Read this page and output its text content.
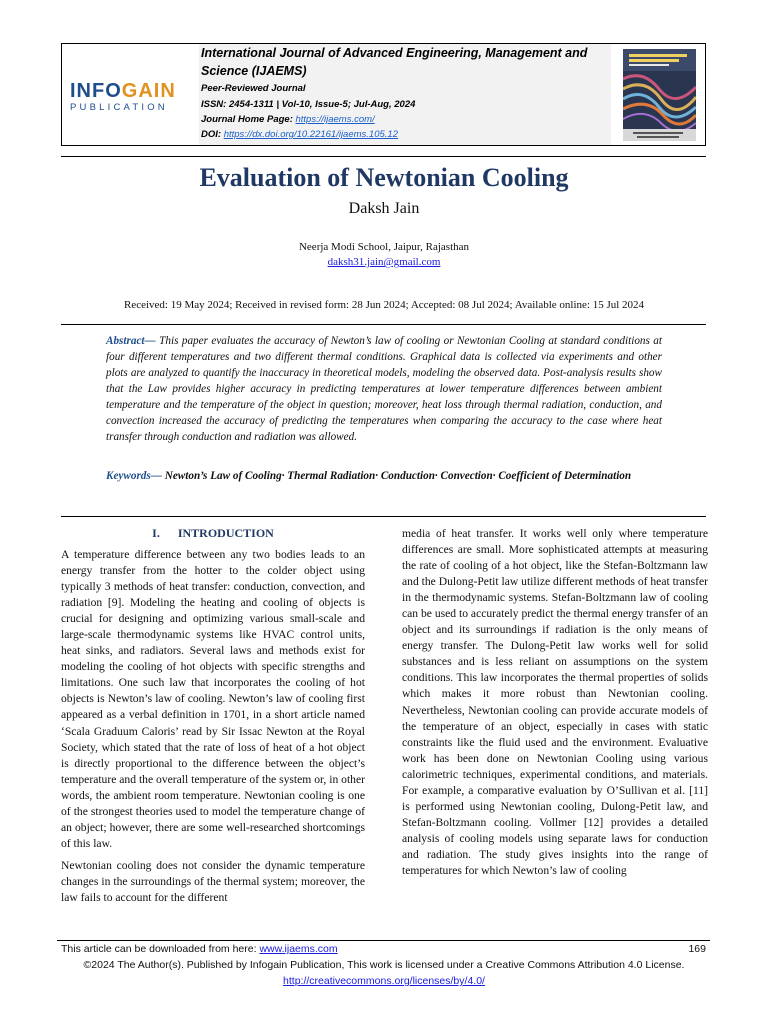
INFOGAIN
PUBLICATION
International Journal of Advanced Engineering, Management and Science (IJAEMS)
Peer-Reviewed Journal
ISSN: 2454-1311 | Vol-10, Issue-5; Jul-Aug, 2024
Journal Home Page: https://ijaems.com/
DOI: https://dx.doi.org/10.22161/ijaems.105.12
Evaluation of Newtonian Cooling
Daksh Jain
Neerja Modi School, Jaipur, Rajasthan
daksh31.jain@gmail.com
Received: 19 May 2024; Received in revised form: 28 Jun 2024; Accepted: 08 Jul 2024; Available online: 15 Jul 2024
Abstract— This paper evaluates the accuracy of Newton’s law of cooling or Newtonian Cooling at standard conditions at four different temperatures and two different thermal conditions. Graphical data is collected via experiments and other plots are analyzed to quantify the inaccuracy in theoretical models, modeling the observed data. Post-analysis results show that the Law provides higher accuracy in predicting temperatures at lower temperature differences between ambient temperature and the temperature of the object in question; moreover, heat loss through thermal radiation, conduction, and convection increased the accuracy of predicting the temperatures when comparing the accuracy to the case where heat transfer through conduction and radiation was allowed.
Keywords— Newton’s Law of Cooling· Thermal Radiation· Conduction· Convection· Coefficient of Determination
I.      INTRODUCTION

A temperature difference between any two bodies leads to an energy transfer from the hotter to the colder object using typically 3 methods of heat transfer: conduction, convection, and radiation [9]. Modeling the heating and cooling of objects is crucial for designing and optimizing various small-scale and large-scale thermodynamic systems like HVAC control units, heat sinks, and radiators. Several laws and methods exist for modeling the cooling of hot objects with specific strengths and limitations. One such law that incorporates the cooling of hot objects is Newton’s law of cooling. Newton’s law of cooling first appeared as a verbal definition in 1701, in a short article named ‘Scala Graduum Caloris’ read by Sir Issac Newton at the Royal Society, which stated that the rate of loss of heat of a hot object is directly proportional to the difference between the object’s temperature and the overall temperature of the system or, in other words, the ambient room temperature. Newtonian cooling is one of the strongest theories used to model the temperature change of an object; however, there are some well-researched shortcomings of this law.

Newtonian cooling does not consider the dynamic temperature changes in the surroundings of the thermal system; moreover, the law fails to account for the different

media of heat transfer. It works well only where temperature differences are small. More sophisticated attempts at measuring the rate of cooling of a hot object, like the Stefan-Boltzmann law and the Dulong-Petit law utilize different methods of heat transfer in the thermodynamic systems. Stefan-Boltzmann law of cooling can be used to accurately predict the thermal energy transfer of an object and its surroundings if radiation is the only means of energy transfer. The Dulong-Petit law works well for solid substances and is less reliant on assumptions on the system conditions. This law incorporates the thermal properties of solids which makes it more robust than Newtonian cooling. Nevertheless, Newtonian cooling can provide accurate models of the temperature of an object, especially in cases with static constraints like the fluid used and the environment. Evaluative work has been done on Newtonian Cooling using various calorimetric techniques, experimental conditions, and materials. For example, a comparative evaluation by O’Sullivan et al. [11] is performed using Newtonian cooling, Dulong-Petit law, and Stefan-Boltzmann cooling. Vollmer [12] provides a detailed analysis of cooling models using separate laws for conduction and radiation. The study gives insights into the range of temperatures for which Newton’s law of cooling

This article can be downloaded from here: www.ijaems.com	169
©2024 The Author(s). Published by Infogain Publication, This work is licensed under a Creative Commons Attribution 4.0 License.
http://creativecommons.org/licenses/by/4.0/
